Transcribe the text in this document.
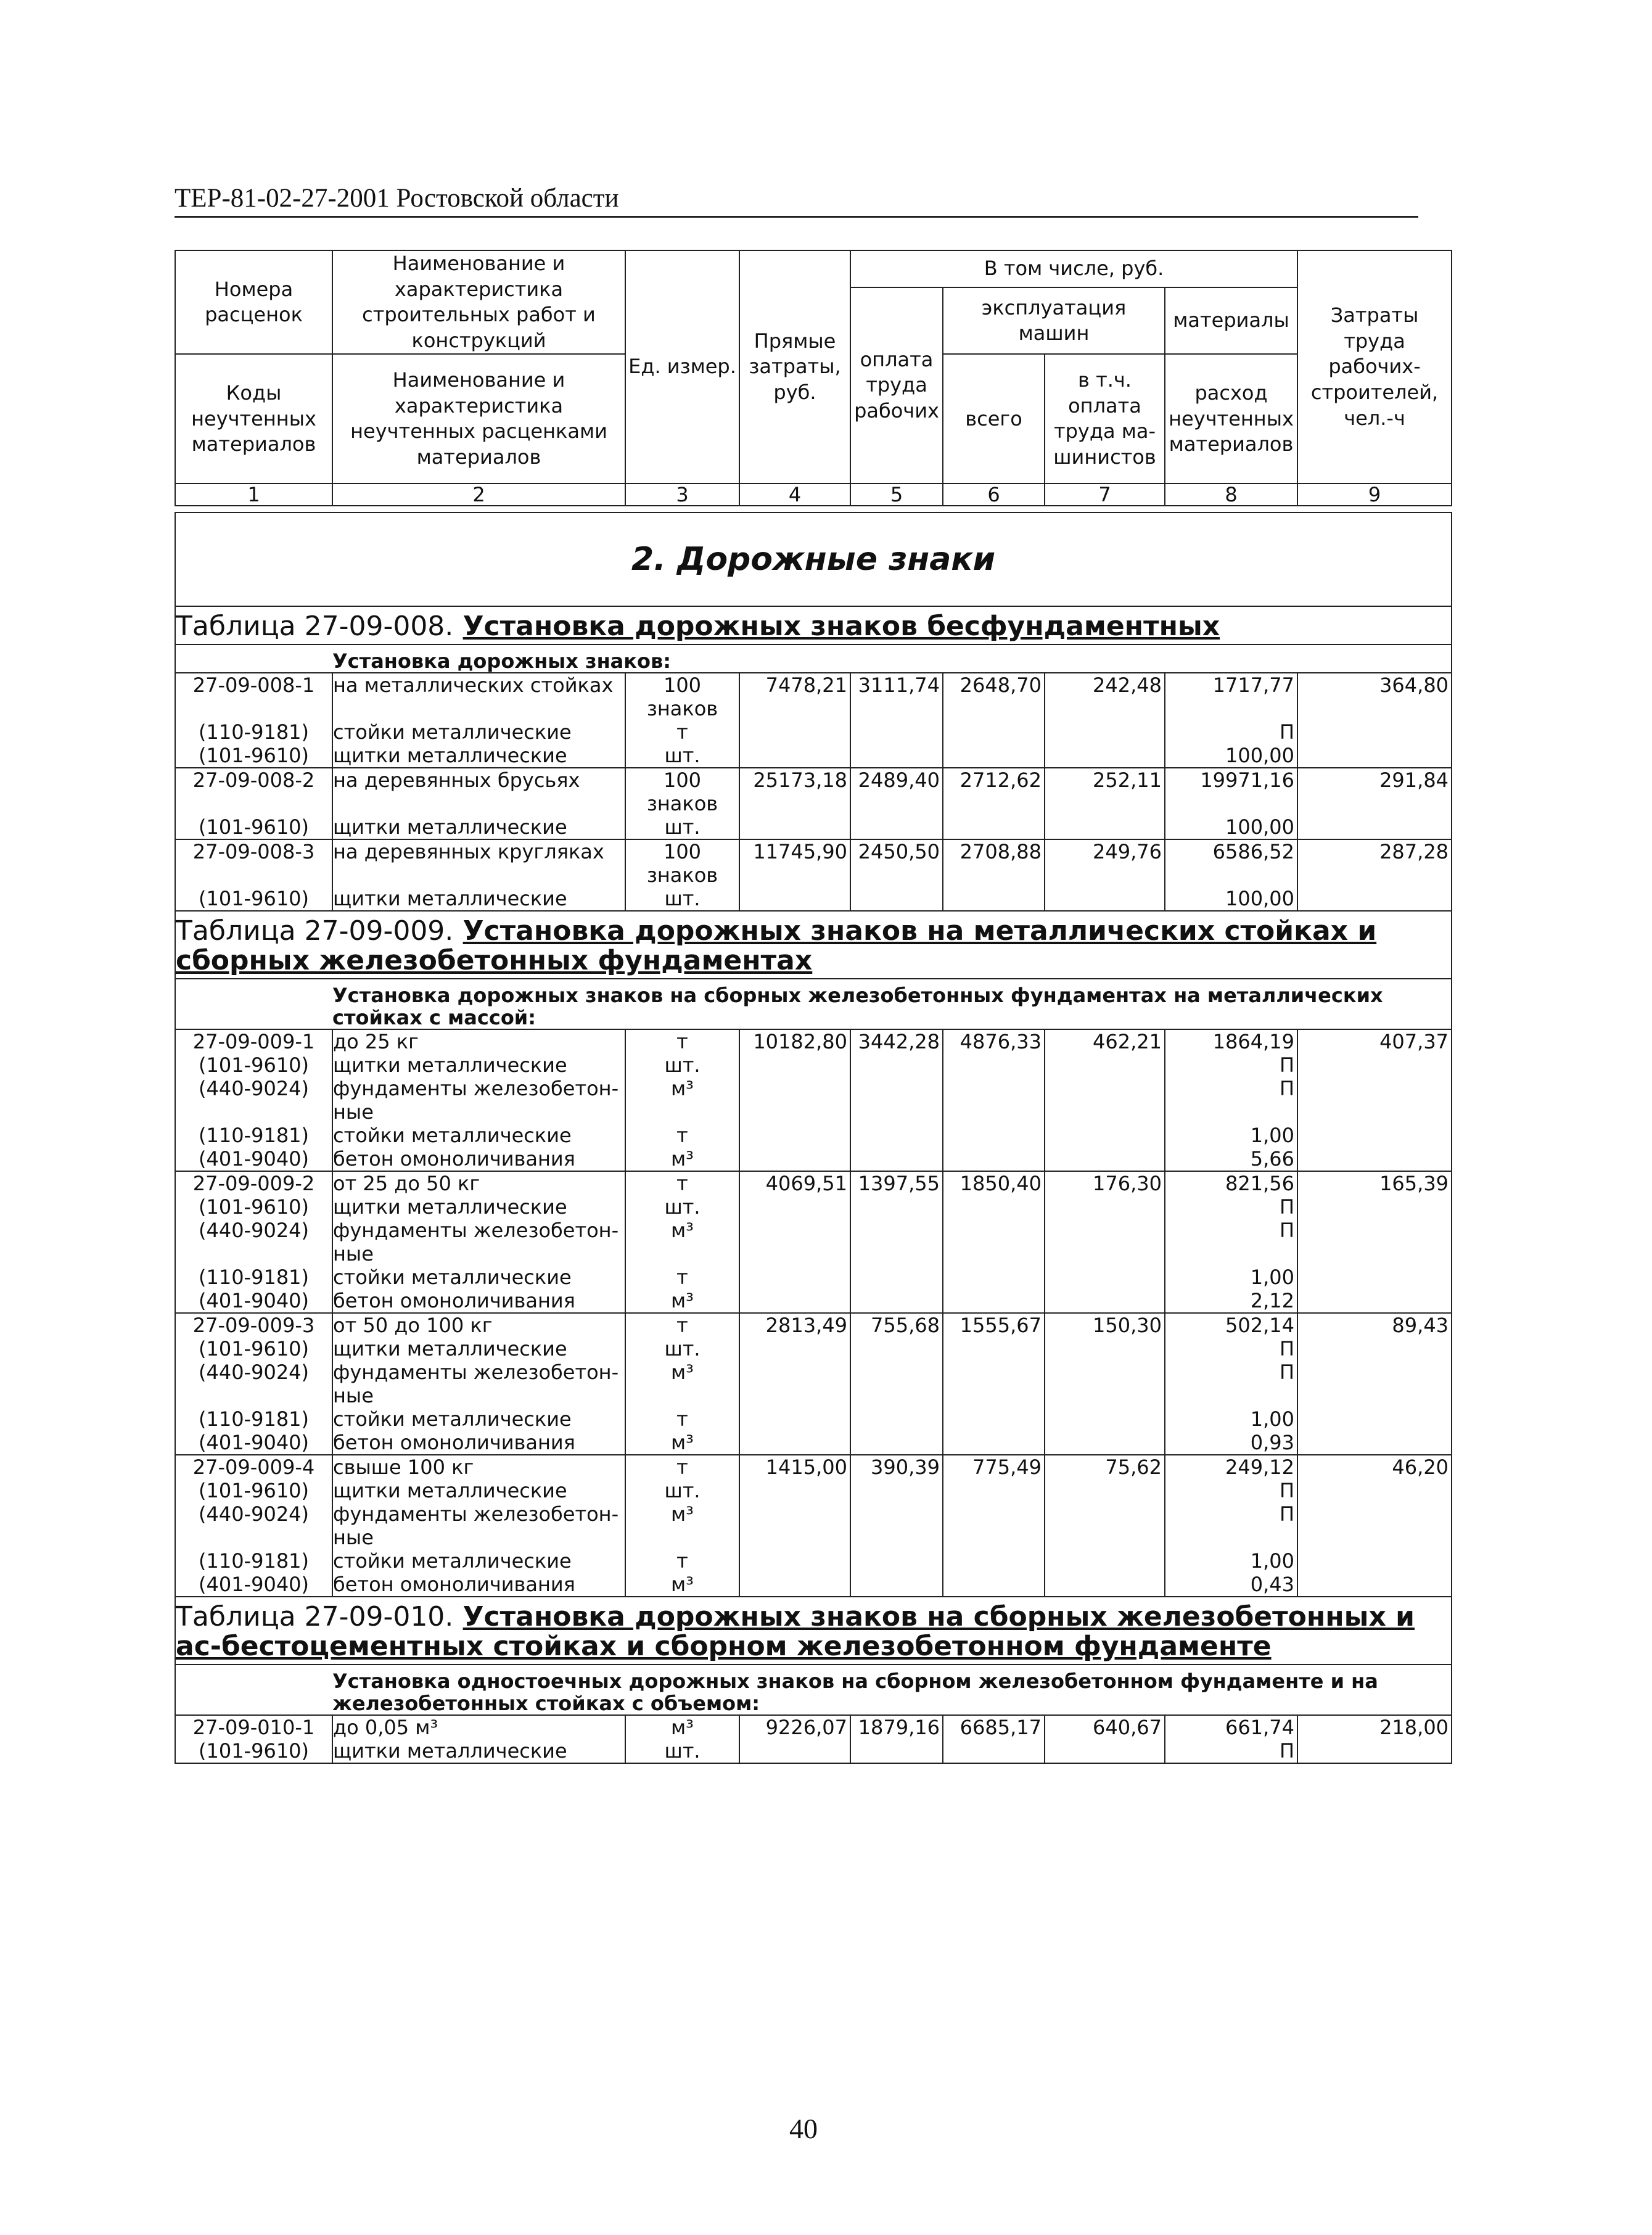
ТЕР-81-02-27-2001 Ростовской области
Номера расценок	Наименование и характеристика строительных работ и конструкций	Ед. измер.	Прямые затраты, руб.	В том числе, руб.				Затраты труда рабочих-строителей, чел.-ч
				оплата труда рабочих	эксплуатация машин		материалы	
Коды неучтенных материалов	Наименование и характеристика неучтенных расценками материалов				всего	в т.ч. оплата труда ма-шинистов	расход неучтенных материалов	

1	2	3	4	5	6	7	8	9
2. Дорожные знаки								
Таблица 27-09-008. Установка дорожных знаков бесфундаментных								
	Установка дорожных знаков:							
27-09-008-1	на металлических стойках	100 знаков	7478,21	3111,74	2648,70	242,48	1717,77	364,80
(110-9181)	стойки металлические	т					П	
(101-9610)	щитки металлические	шт.					100,00	
27-09-008-2	на деревянных брусьях	100 знаков	25173,18	2489,40	2712,62	252,11	19971,16	291,84
(101-9610)	щитки металлические	шт.					100,00	
27-09-008-3	на деревянных кругляках	100 знаков	11745,90	2450,50	2708,88	249,76	6586,52	287,28
(101-9610)	щитки металлические	шт.					100,00	
Таблица 27-09-009. Установка дорожных знаков на металлических стойках и сборных железобетонных фундаментах								
	Установка дорожных знаков на сборных железобетонных фундаментах на металлических стойках с массой:							
27-09-009-1	до 25 кг	т	10182,80	3442,28	4876,33	462,21	1864,19	407,37
(101-9610)	щитки металлические	шт.					П	
(440-9024)	фундаменты железобетон-ные	м³					П	
(110-9181)	стойки металлические	т					1,00	
(401-9040)	бетон омоноличивания	м³					5,66	
27-09-009-2	от 25 до 50 кг	т	4069,51	1397,55	1850,40	176,30	821,56	165,39
(101-9610)	щитки металлические	шт.					П	
(440-9024)	фундаменты железобетон-ные	м³					П	
(110-9181)	стойки металлические	т					1,00	
(401-9040)	бетон омоноличивания	м³					2,12	
27-09-009-3	от 50 до 100 кг	т	2813,49	755,68	1555,67	150,30	502,14	89,43
(101-9610)	щитки металлические	шт.					П	
(440-9024)	фундаменты железобетон-ные	м³					П	
(110-9181)	стойки металлические	т					1,00	
(401-9040)	бетон омоноличивания	м³					0,93	
27-09-009-4	свыше 100 кг	т	1415,00	390,39	775,49	75,62	249,12	46,20
(101-9610)	щитки металлические	шт.					П	
(440-9024)	фундаменты железобетон-ные	м³					П	
(110-9181)	стойки металлические	т					1,00	
(401-9040)	бетон омоноличивания	м³					0,43	
Таблица 27-09-010. Установка дорожных знаков на сборных железобетонных и ас-бестоцементных стойках и сборном железобетонном фундаменте								
	Установка одностоечных дорожных знаков на сборном железобетонном фундаменте и на железобетонных стойках с объемом:							
27-09-010-1	до 0,05 м³	м³	9226,07	1879,16	6685,17	640,67	661,74	218,00
(101-9610)	щитки металлические	шт.					П	
40
